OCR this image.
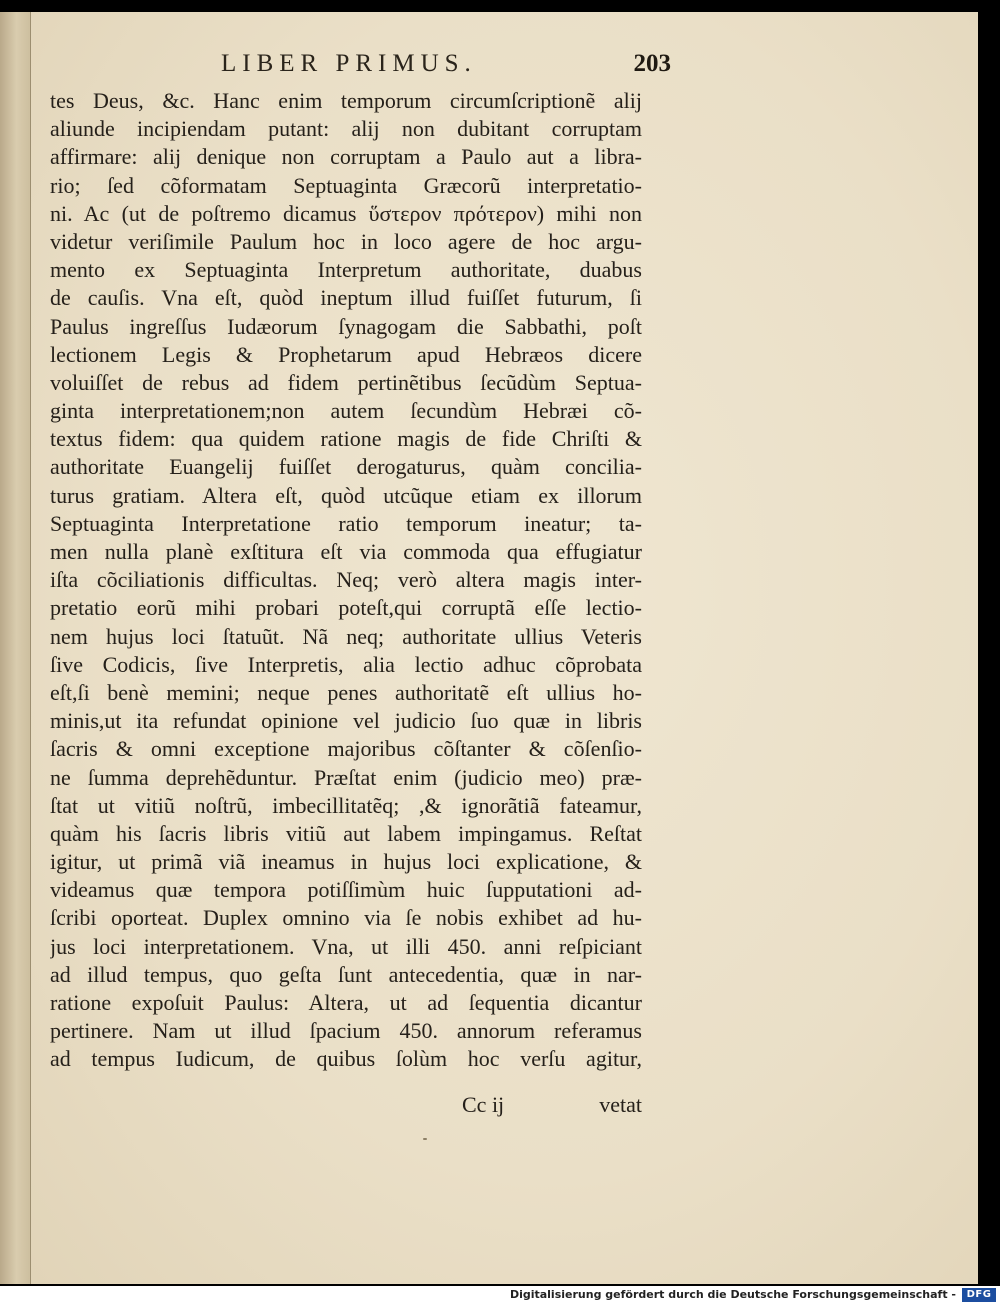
LIBER PRIMUS.	203
tes Deus, &c. Hanc enim temporum circumſcriptionẽ alij
aliunde incipiendam putant: alij non dubitant corruptam
affirmare: alij denique non corruptam a Paulo aut a libra-
rio; ſed cõformatam Septuaginta Græcorũ interpretatio-
ni. Ac (ut de poſtremo dicamus ὕστερον πρότερον) mihi non
videtur veriſimile Paulum hoc in loco agere de hoc argu-
mento ex Septuaginta Interpretum authoritate, duabus
de cauſis. Vna eſt, quòd ineptum illud fuiſſet futurum, ſi
Paulus ingreſſus Iudæorum ſynagogam die Sabbathi, poſt
lectionem Legis & Prophetarum apud Hebræos dicere
voluiſſet de rebus ad fidem pertinẽtibus ſecũdùm Septua-
ginta interpretationem;non autem ſecundùm Hebræi cõ-
textus fidem: qua quidem ratione magis de fide Chriſti &
authoritate Euangelij fuiſſet derogaturus, quàm concilia-
turus gratiam. Altera eſt, quòd utcũque etiam ex illorum
Septuaginta Interpretatione ratio temporum ineatur; ta-
men nulla planè exſtitura eſt via commoda qua effugiatur
iſta cõciliationis difficultas. Neq; verò altera magis inter-
pretatio eorũ mihi probari poteſt,qui corruptã eſſe lectio-
nem hujus loci ſtatuũt. Nã neq; authoritate ullius Veteris
ſive Codicis, ſive Interpretis, alia lectio adhuc cõprobata
eſt,ſi benè memini; neque penes authoritatẽ eſt ullius ho-
minis,ut ita refundat opinione vel judicio ſuo quæ in libris
ſacris & omni exceptione majoribus cõſtanter & cõſenſio-
ne ſumma deprehẽduntur. Præſtat enim (judicio meo) præ-
ſtat ut vitiũ noſtrũ, imbecillitatẽq; ,& ignorãtiã fateamur,
quàm his ſacris libris vitiũ aut labem impingamus. Reſtat
igitur, ut primã viã ineamus in hujus loci explicatione, &
videamus quæ tempora potiſſimùm huic ſupputationi ad-
ſcribi oporteat. Duplex omnino via ſe nobis exhibet ad hu-
jus loci interpretationem. Vna, ut illi 450. anni reſpiciant
ad illud tempus, quo geſta ſunt antecedentia, quæ in nar-
ratione expoſuit Paulus: Altera, ut ad ſequentia dicantur
pertinere. Nam ut illud ſpacium 450. annorum referamus
ad tempus Iudicum, de quibus ſolùm hoc verſu agitur,
Cc ij	vetat
Digitalisierung gefördert durch die Deutsche Forschungsgemeinschaft -	DFG
